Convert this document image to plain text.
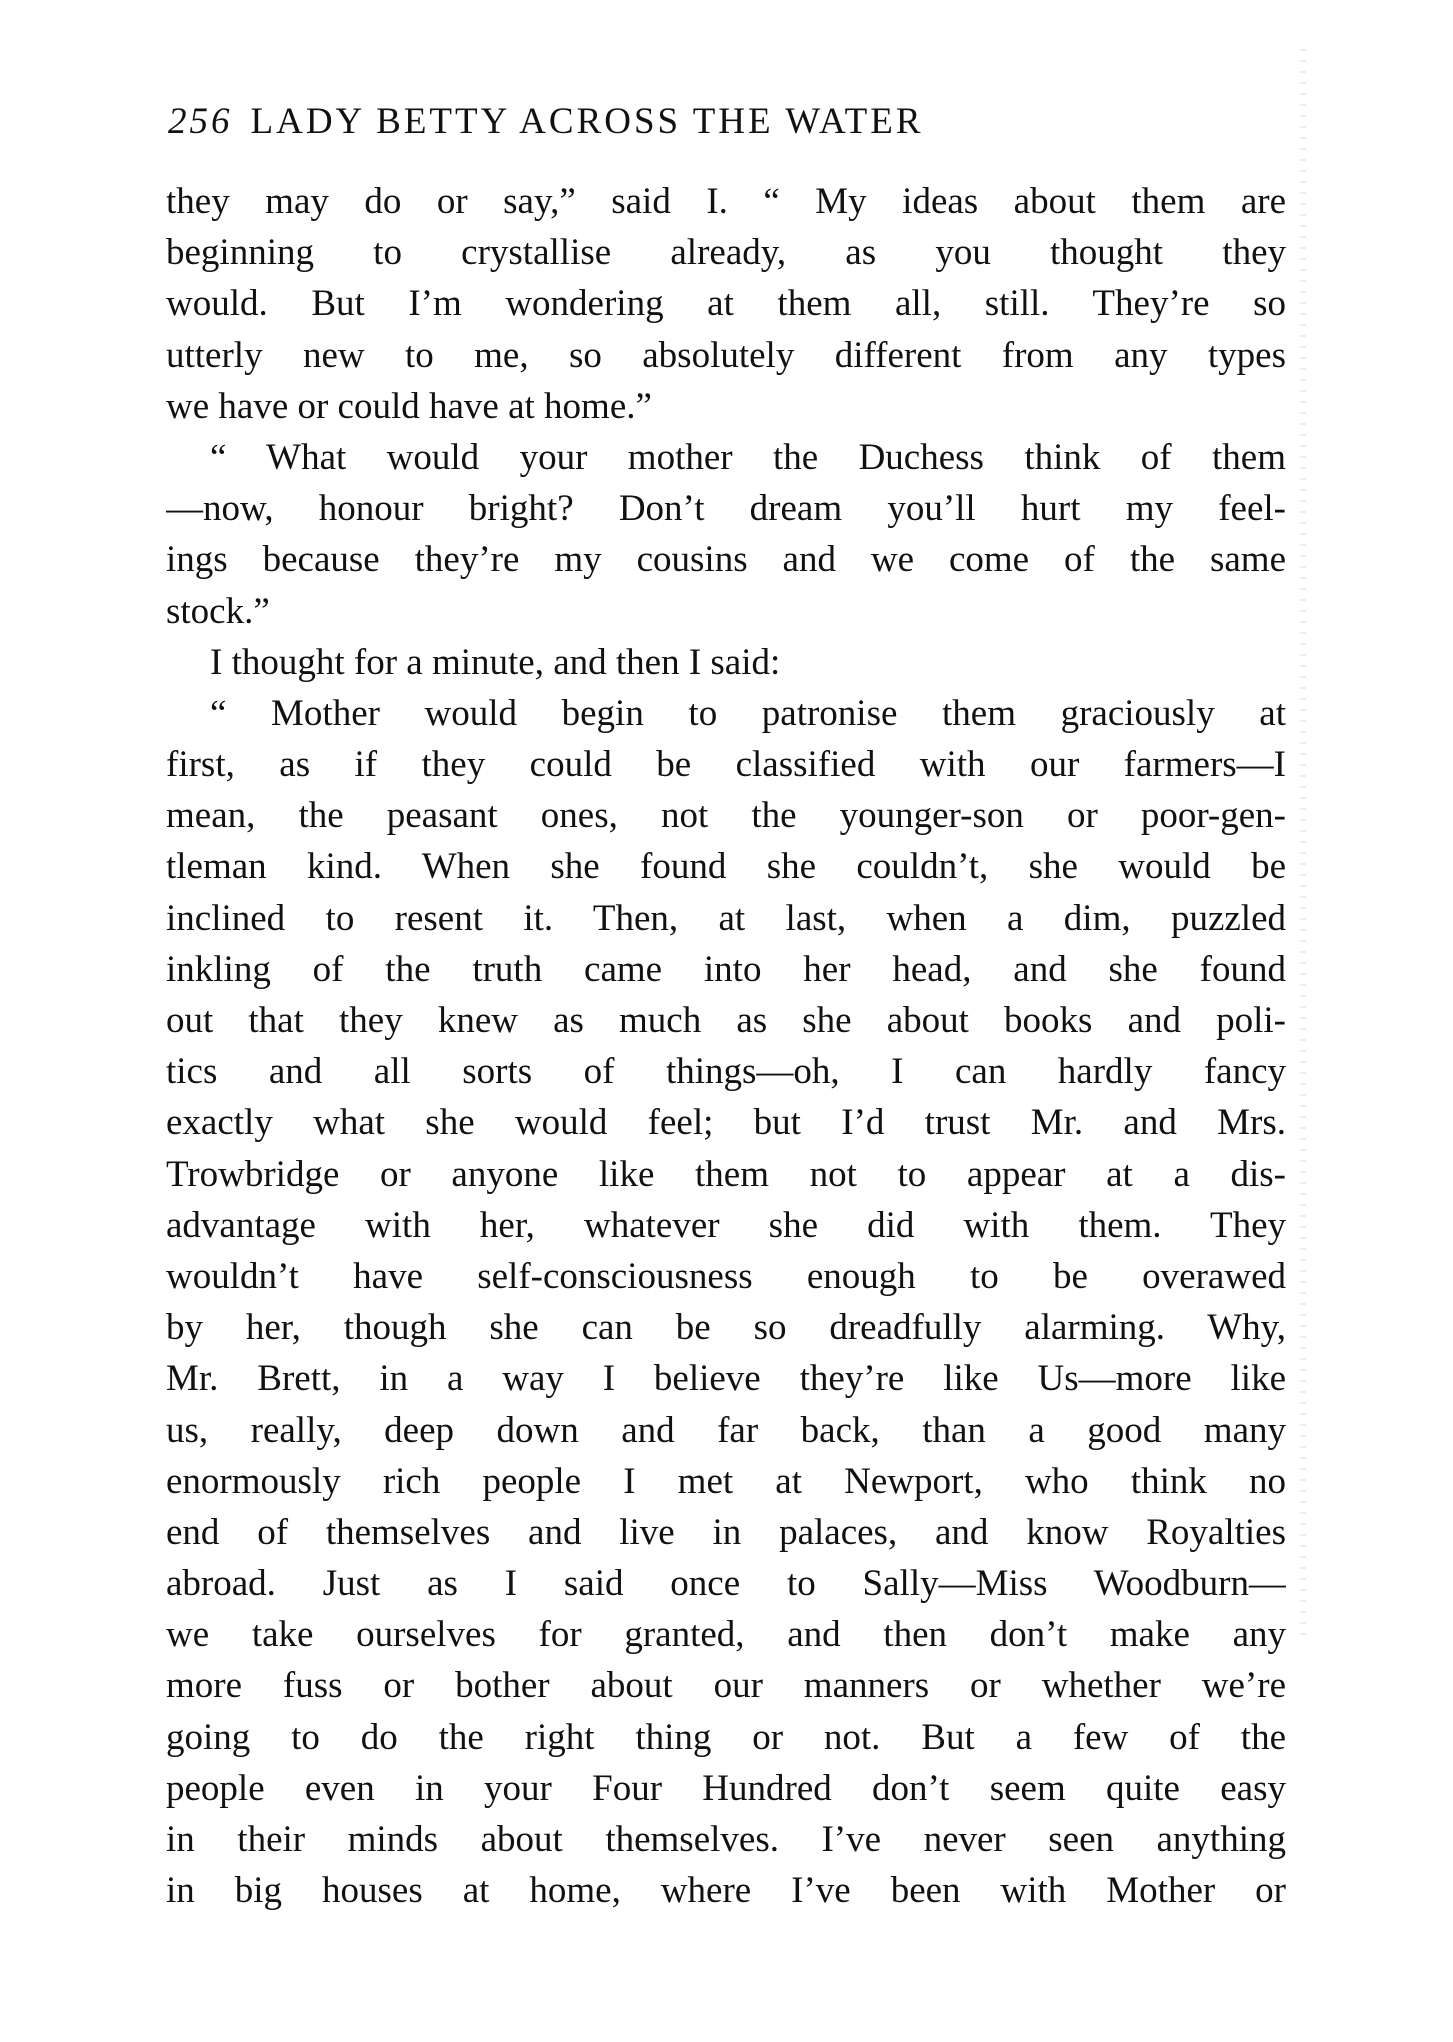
256 LADY BETTY ACROSS THE WATER
they may do or say,” said I. “ My ideas about them are
beginning to crystallise already, as you thought they
would. But I’m wondering at them all, still. They’re so
utterly new to me, so absolutely different from any types
we have or could have at home.”
“ What would your mother the Duchess think of them
—now, honour bright? Don’t dream you’ll hurt my feel-
ings because they’re my cousins and we come of the same
stock.”
I thought for a minute, and then I said:
“ Mother would begin to patronise them graciously at
first, as if they could be classified with our farmers—I
mean, the peasant ones, not the younger-son or poor-gen-
tleman kind. When she found she couldn’t, she would be
inclined to resent it. Then, at last, when a dim, puzzled
inkling of the truth came into her head, and she found
out that they knew as much as she about books and poli-
tics and all sorts of things—oh, I can hardly fancy
exactly what she would feel; but I’d trust Mr. and Mrs.
Trowbridge or anyone like them not to appear at a dis-
advantage with her, whatever she did with them. They
wouldn’t have self-consciousness enough to be overawed
by her, though she can be so dreadfully alarming. Why,
Mr. Brett, in a way I believe they’re like Us—more like
us, really, deep down and far back, than a good many
enormously rich people I met at Newport, who think no
end of themselves and live in palaces, and know Royalties
abroad. Just as I said once to Sally—Miss Woodburn—
we take ourselves for granted, and then don’t make any
more fuss or bother about our manners or whether we’re
going to do the right thing or not. But a few of the
people even in your Four Hundred don’t seem quite easy
in their minds about themselves. I’ve never seen anything
in big houses at home, where I’ve been with Mother or
